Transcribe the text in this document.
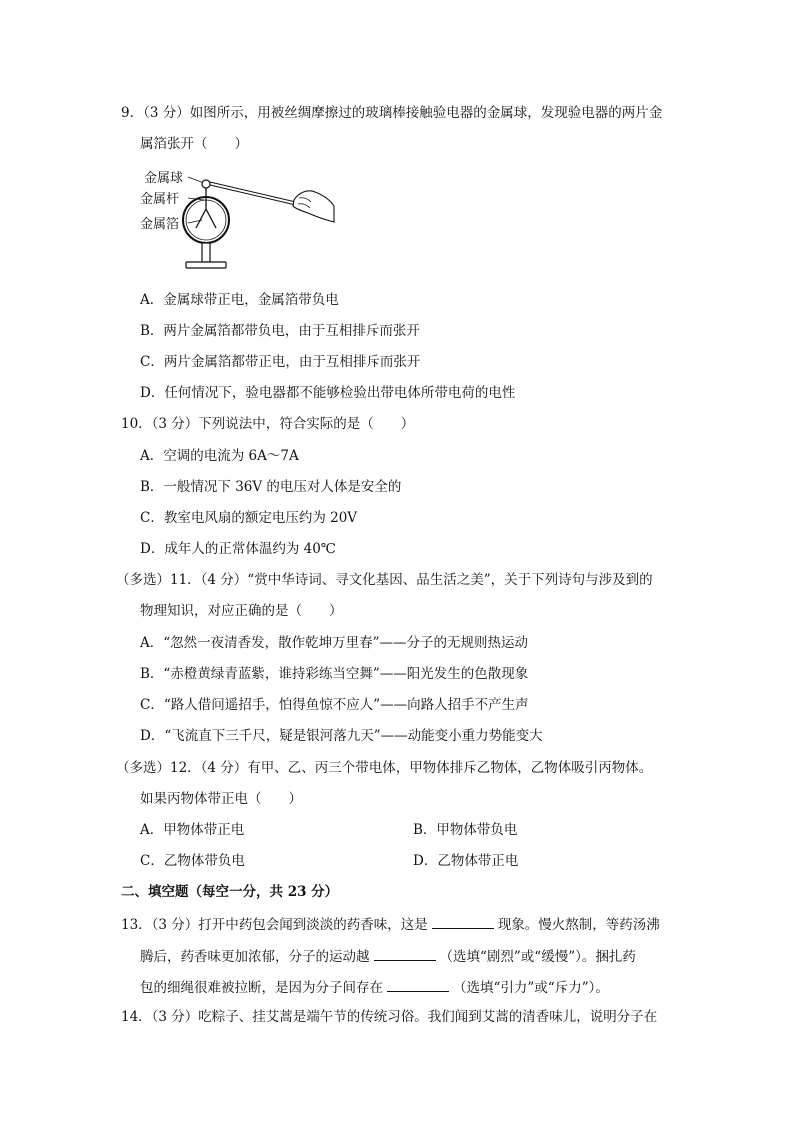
9．（3 分）如图所示，用被丝绸摩擦过的玻璃棒接触验电器的金属球，发现验电器的两片金
属箔张开（　　）
金属球
金属杆
金属箔
A．金属球带正电，金属箔带负电
B．两片金属箔都带负电，由于互相排斥而张开
C．两片金属箔都带正电，由于互相排斥而张开
D．任何情况下，验电器都不能够检验出带电体所带电荷的电性
10．（3 分）下列说法中，符合实际的是（　　）
A．空调的电流为 6A～7A
B．一般情况下 36V 的电压对人体是安全的
C．教室电风扇的额定电压约为 20V
D．成年人的正常体温约为 40℃
（多选）11．（4 分）“赏中华诗词、寻文化基因、品生活之美”，关于下列诗句与涉及到的
物理知识，对应正确的是（　　）
A．“忽然一夜清香发，散作乾坤万里春”——分子的无规则热运动
B．“赤橙黄绿青蓝紫，谁持彩练当空舞”——阳光发生的色散现象
C．“路人借问遥招手，怕得鱼惊不应人”——向路人招手不产生声
D．“飞流直下三千尺，疑是银河落九天”——动能变小重力势能变大
（多选）12．（4 分）有甲、乙、丙三个带电体，甲物体排斥乙物体，乙物体吸引丙物体。
如果丙物体带正电（　　）
A．甲物体带正电	B．甲物体带负电
C．乙物体带负电	D．乙物体带正电
二、填空题（每空一分，共 23 分）
13．（3 分）打开中药包会闻到淡淡的药香味，这是	现象。慢火熬制，等药汤沸
腾后，药香味更加浓郁，分子的运动越	（选填“剧烈”或“缓慢”）。捆扎药
包的细绳很难被拉断，是因为分子间存在	（选填“引力”或“斥力”）。
14．（3 分）吃粽子、挂艾蒿是端午节的传统习俗。我们闻到艾蒿的清香味儿，说明分子在
